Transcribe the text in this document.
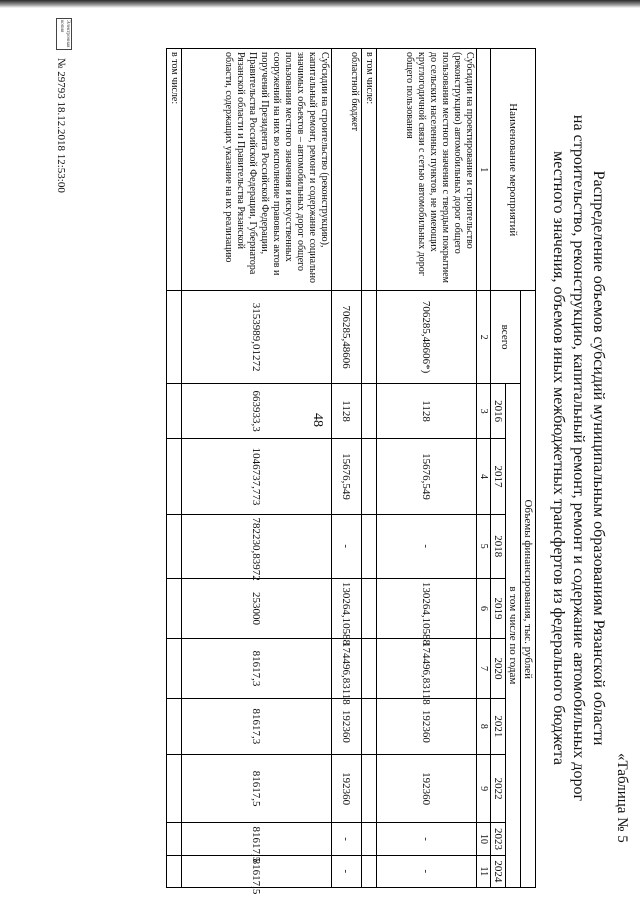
48
«Таблица № 5
Распределение объемов субсидий муниципальным образованиям Рязанской области
на строительство, реконструкцию, капитальный ремонт, ремонт и содержание автомобильных дорог
местного значения, объемов иных межбюджетных трансфертов из федерального бюджета
Наименование мероприятий	Объемы финансирования, тыс. рублей									
	всего	в том числе по годам								
		2016	2017	2018	2019	2020	2021	2022	2023	2024
1	2	3	4	5	6	7	8	9	10	11
Субсидии на проектирование и строительство (реконструкцию) автомобильных дорог общего пользования местного значения с твердым покрытием до сельских населенных пунктов, не имеющих круглогодичной связи с сетью автомобильных дорог общего пользования	706285,48606*)	1128	15676,549	-	130264,10588	174496,83118	192360	192360	-	-
в том числе:										
областной бюджет	706285,48606	1128	15676,549	-	130264,10588	174496,83118	192360	192360	-	-
Субсидии на строительство (реконструкцию), капитальный ремонт, ремонт и содержание социально значимых объектов – автомобильных дорог общего пользования местного значения и искусственных сооружений на них во исполнение правовых актов и поручений Президента Российской Федерации, Правительства Российской Федерации, Губернатора Рязанской области и Правительства Рязанской области, содержащих указание на их реализацию	3153989,01272	663933,3	1046737,773	782230,83972	253000	81617,3	81617,3	81617,5	81617,5	81617,5
в том числе:										
№ 29793 18.12.2018 12:53:00
Электронная
копия
